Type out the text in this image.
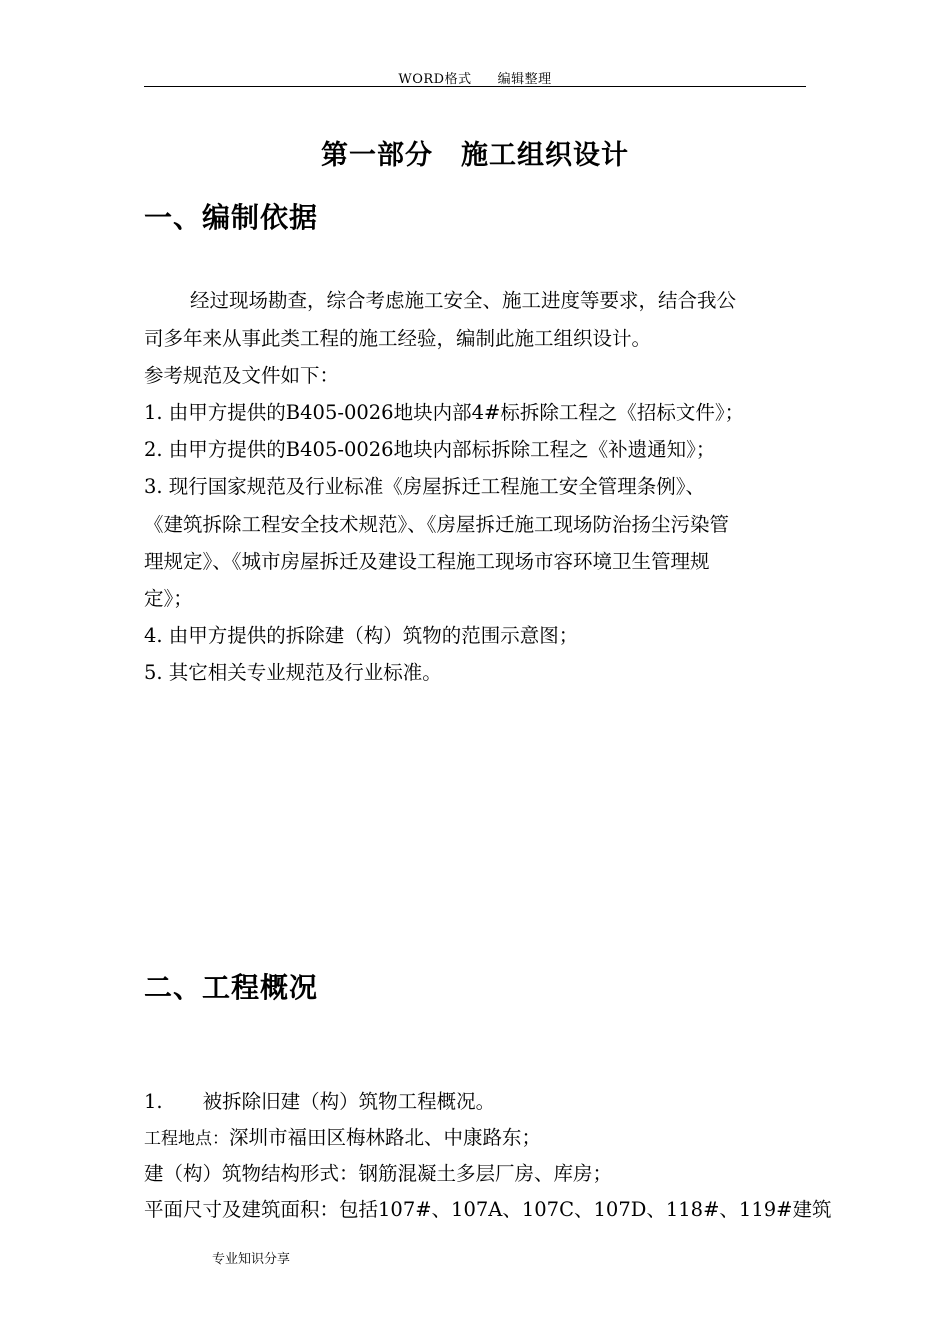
WORD格式 编辑整理
第一部分 施工组织设计
一、编制依据
经过现场勘查，综合考虑施工安全、施工进度等要求，结合我公
司多年来从事此类工程的施工经验，编制此施工组织设计。
参考规范及文件如下：
1. 由甲方提供的B405-0026地块内部4#标拆除工程之《招标文件》；
2. 由甲方提供的B405-0026地块内部标拆除工程之《补遗通知》；
3. 现行国家规范及行业标准《房屋拆迁工程施工安全管理条例》、
《建筑拆除工程安全技术规范》、《房屋拆迁施工现场防治扬尘污染管
理规定》、《城市房屋拆迁及建设工程施工现场市容环境卫生管理规
定》；
4. 由甲方提供的拆除建（构）筑物的范围示意图；
5. 其它相关专业规范及行业标准。
二、工程概况
1. 被拆除旧建（构）筑物工程概况。
工程地点：深圳市福田区梅林路北、中康路东；
建（构）筑物结构形式：钢筋混凝土多层厂房、库房；
平面尺寸及建筑面积：包括107#、107A、107C、107D、118#、119#建筑
专业知识分享
